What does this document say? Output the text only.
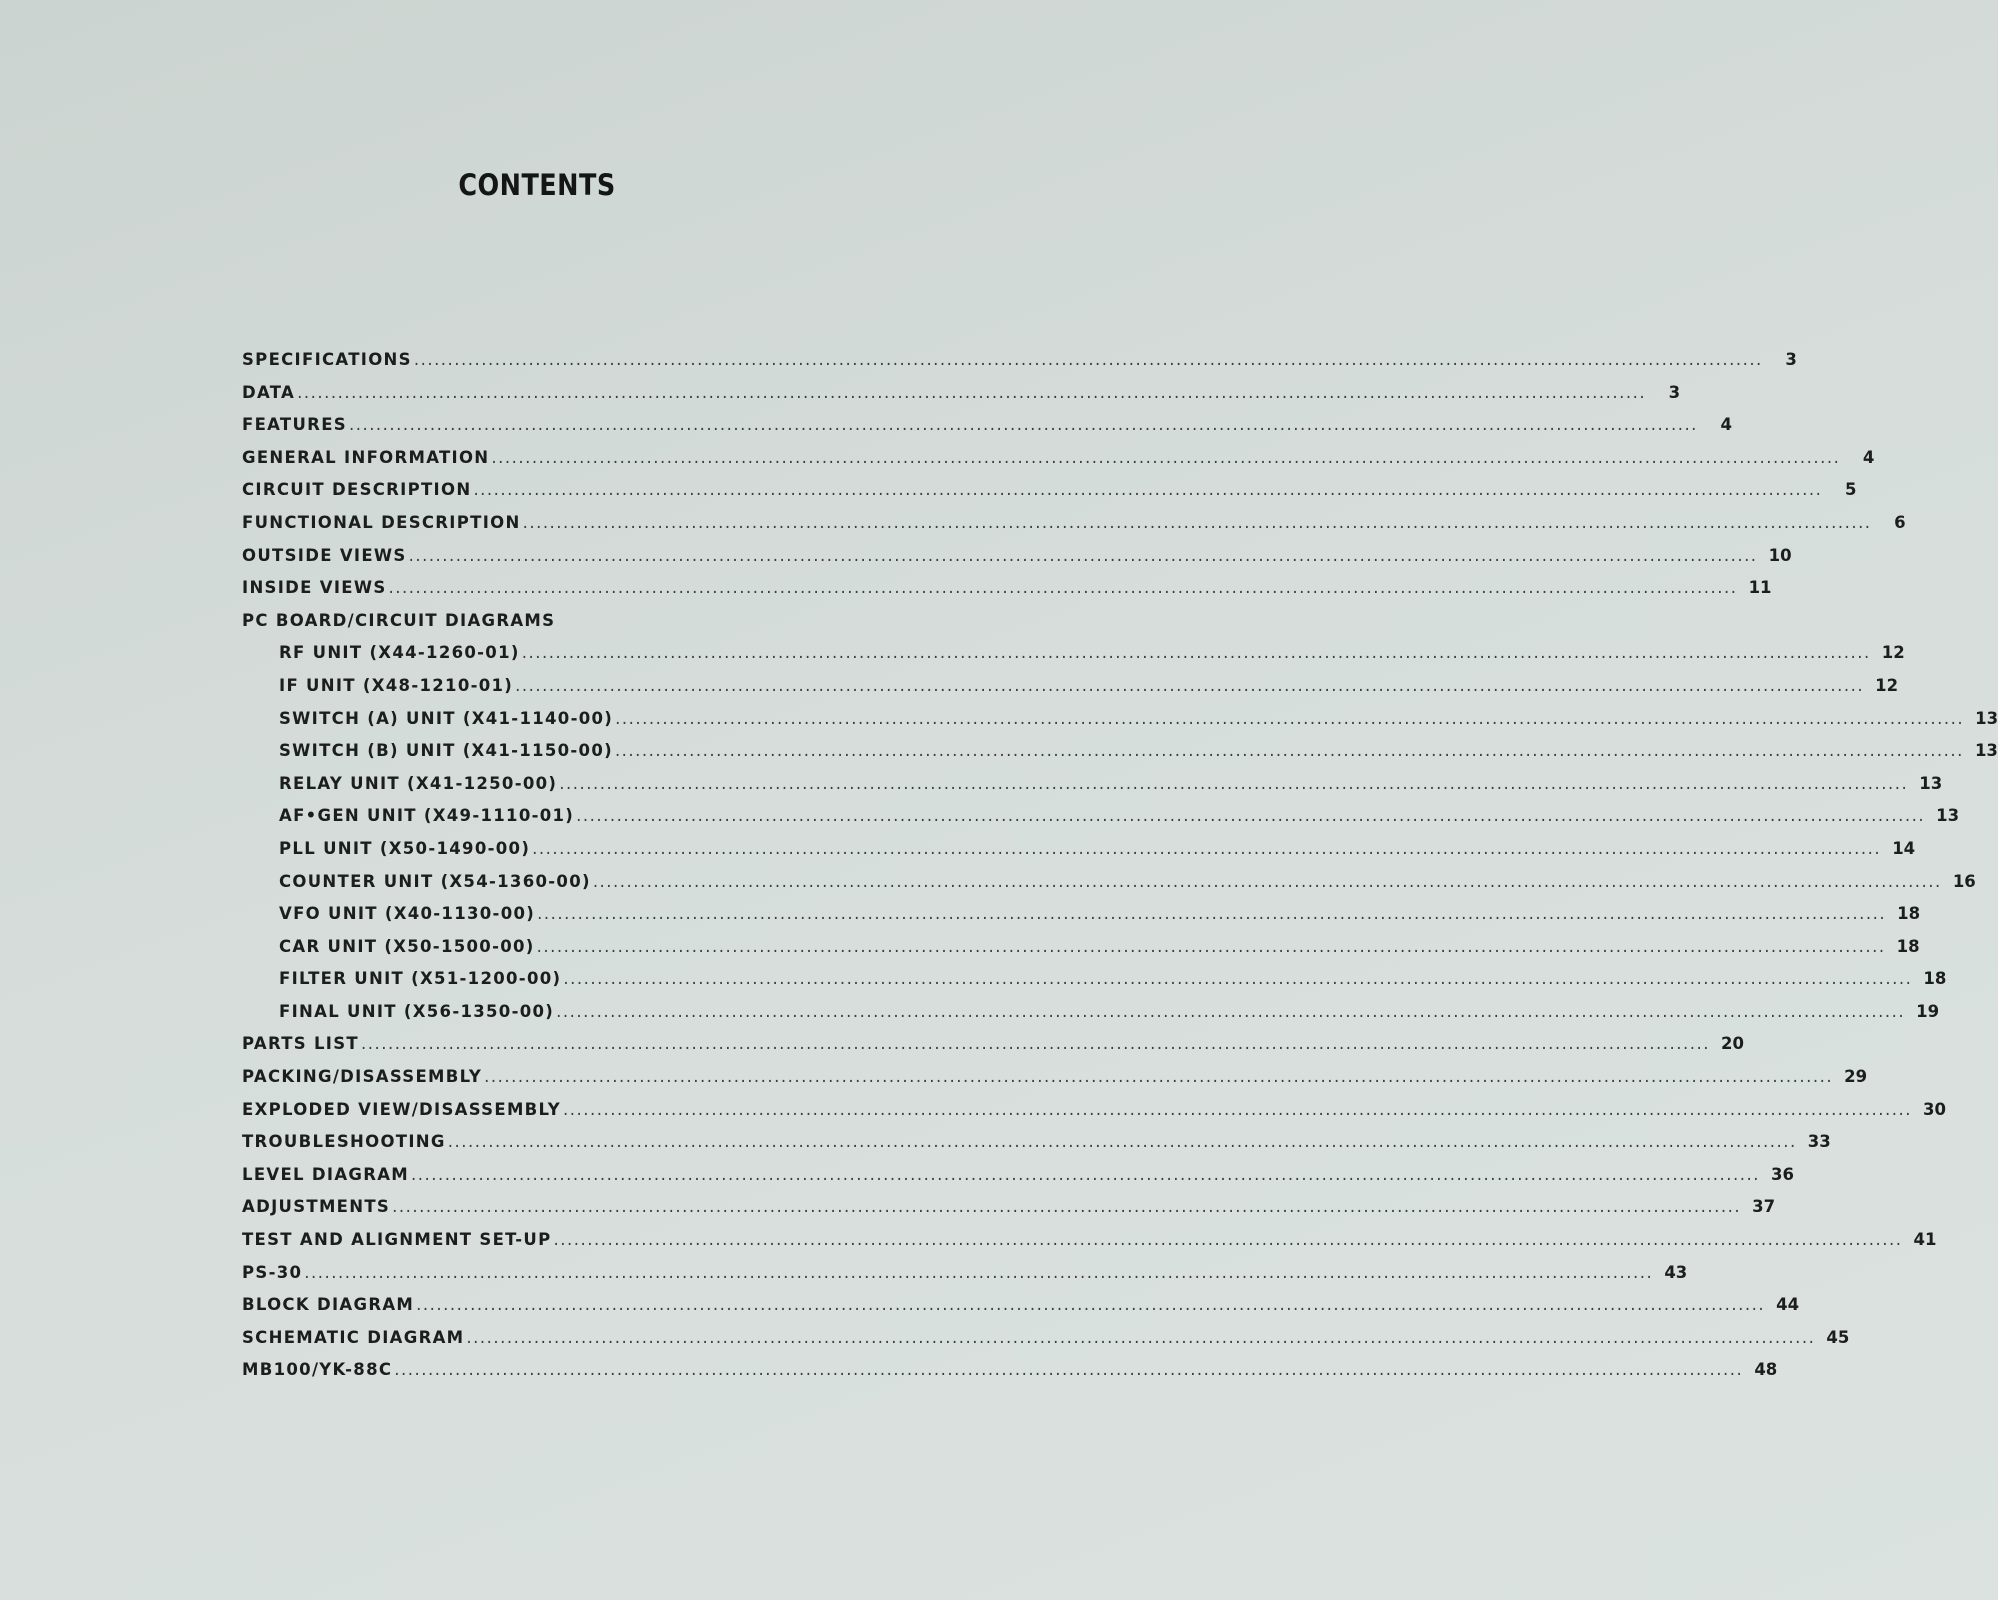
CONTENTS
SPECIFICATIONS ........................................................................................................................................................................................................	3
DATA ........................................................................................................................................................................................................	3
FEATURES ........................................................................................................................................................................................................	4
GENERAL INFORMATION ........................................................................................................................................................................................................	4
CIRCUIT DESCRIPTION ........................................................................................................................................................................................................	5
FUNCTIONAL DESCRIPTION ........................................................................................................................................................................................................	6
OUTSIDE VIEWS ........................................................................................................................................................................................................ 10
INSIDE VIEWS ........................................................................................................................................................................................................ 11
PC BOARD/CIRCUIT DIAGRAMS
RF UNIT (X44-1260-01) ........................................................................................................................................................................................................ 12
IF UNIT (X48-1210-01) ........................................................................................................................................................................................................ 12
SWITCH (A) UNIT (X41-1140-00) ........................................................................................................................................................................................................ 13
SWITCH (B) UNIT (X41-1150-00) ........................................................................................................................................................................................................ 13
RELAY UNIT (X41-1250-00) ........................................................................................................................................................................................................ 13
AF•GEN UNIT (X49-1110-01) ........................................................................................................................................................................................................ 13
PLL UNIT (X50-1490-00) ........................................................................................................................................................................................................ 14
COUNTER UNIT (X54-1360-00) ........................................................................................................................................................................................................ 16
VFO UNIT (X40-1130-00) ........................................................................................................................................................................................................ 18
CAR UNIT (X50-1500-00) ........................................................................................................................................................................................................ 18
FILTER UNIT (X51-1200-00) ........................................................................................................................................................................................................ 18
FINAL UNIT (X56-1350-00) ........................................................................................................................................................................................................ 19
PARTS LIST ........................................................................................................................................................................................................ 20
PACKING/DISASSEMBLY ........................................................................................................................................................................................................ 29
EXPLODED VIEW/DISASSEMBLY ........................................................................................................................................................................................................ 30
TROUBLESHOOTING ........................................................................................................................................................................................................ 33
LEVEL DIAGRAM ........................................................................................................................................................................................................ 36
ADJUSTMENTS ........................................................................................................................................................................................................ 37
TEST AND ALIGNMENT SET-UP ........................................................................................................................................................................................................ 41
PS-30 ........................................................................................................................................................................................................ 43
BLOCK DIAGRAM ........................................................................................................................................................................................................ 44
SCHEMATIC DIAGRAM ........................................................................................................................................................................................................ 45
MB100/YK-88C ........................................................................................................................................................................................................ 48
